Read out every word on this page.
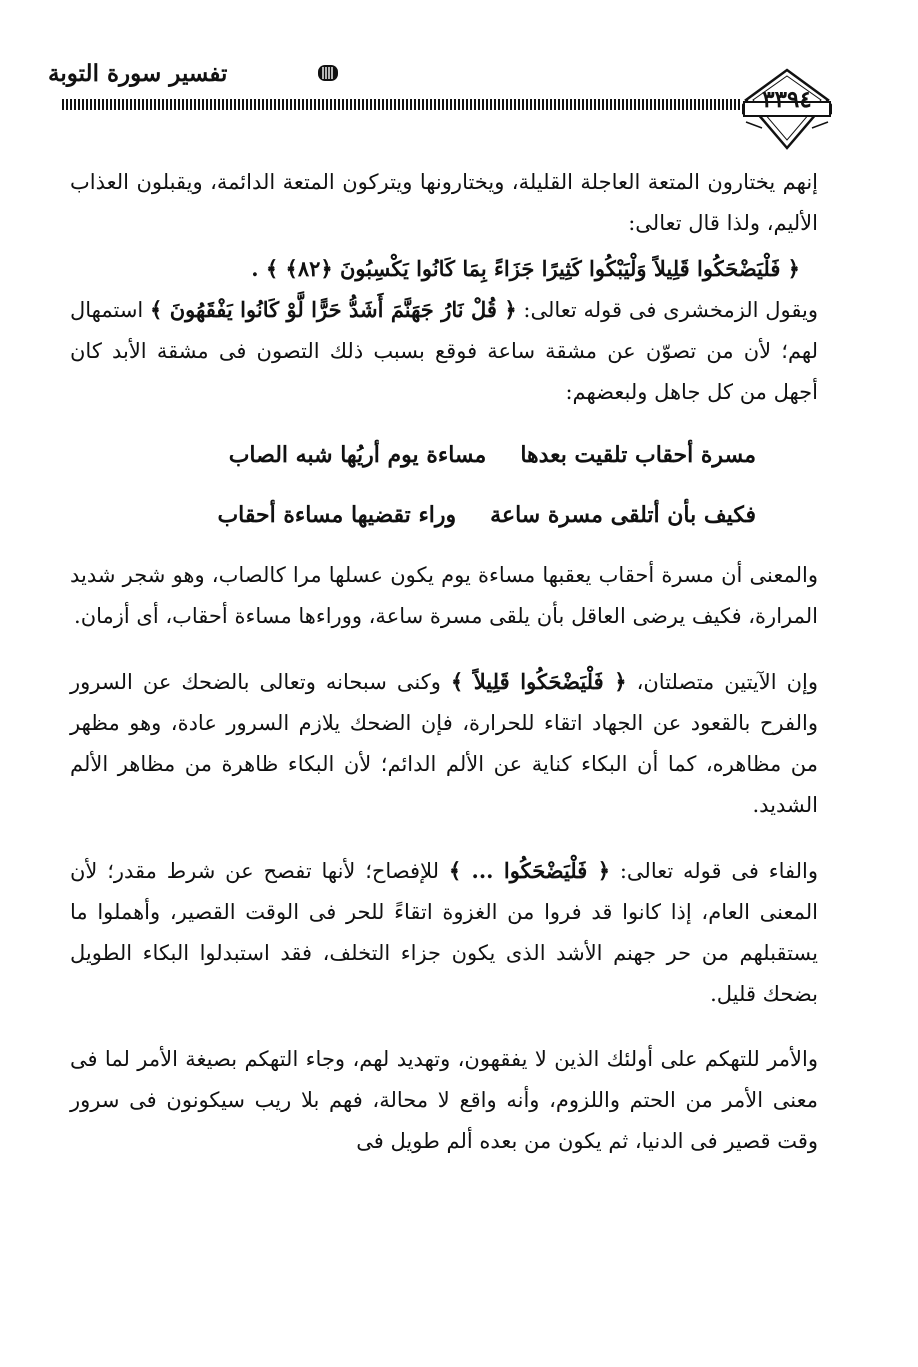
تفسير سورة التوبة
٣٣٩٤

إنهم يختارون المتعة العاجلة القليلة، ويختارونها ويتركون المتعة الدائمة، ويقبلون العذاب الأليم، ولذا قال تعالى:

﴿ فَلْيَضْحَكُوا قَلِيلاً وَلْيَبْكُوا كَثِيرًا جَزَاءً بِمَا كَانُوا يَكْسِبُونَ ﴿٨٢﴾ ﴾ .

ويقول الزمخشرى فى قوله تعالى: ﴿ قُلْ نَارُ جَهَنَّمَ أَشَدُّ حَرًّا لَّوْ كَانُوا يَفْقَهُونَ ﴾ استمهال لهم؛ لأن من تصوّن عن مشقة ساعة فوقع بسبب ذلك التصون فى مشقة الأبد كان أجهل من كل جاهل ولبعضهم:

مسرة أحقاب تلقيت بعدها
مساءة يوم أريُها شبه الصاب
فكيف بأن أتلقى مسرة ساعة
وراء تقضيها مساءة أحقاب

والمعنى أن مسرة أحقاب يعقبها مساءة يوم يكون عسلها مرا كالصاب، وهو شجر شديد المرارة، فكيف يرضى العاقل بأن يلقى مسرة ساعة، ووراءها مساءة أحقاب، أى أزمان.

وإن الآيتين متصلتان، ﴿ فَلْيَضْحَكُوا قَلِيلاً ﴾ وكنى سبحانه وتعالى بالضحك عن السرور والفرح بالقعود عن الجهاد اتقاء للحرارة، فإن الضحك يلازم السرور عادة، وهو مظهر من مظاهره، كما أن البكاء كناية عن الألم الدائم؛ لأن البكاء ظاهرة من مظاهر الألم الشديد.

والفاء فى قوله تعالى: ﴿ فَلْيَضْحَكُوا ... ﴾ للإفصاح؛ لأنها تفصح عن شرط مقدر؛ لأن المعنى العام، إذا كانوا قد فروا من الغزوة اتقاءً للحر فى الوقت القصير، وأهملوا ما يستقبلهم من حر جهنم الأشد الذى يكون جزاء التخلف، فقد استبدلوا البكاء الطويل بضحك قليل.

والأمر للتهكم على أولئك الذين لا يفقهون، وتهديد لهم، وجاء التهكم بصيغة الأمر لما فى معنى الأمر من الحتم واللزوم، وأنه واقع لا محالة، فهم بلا ريب سيكونون فى سرور وقت قصير فى الدنيا، ثم يكون من بعده ألم طويل فى
